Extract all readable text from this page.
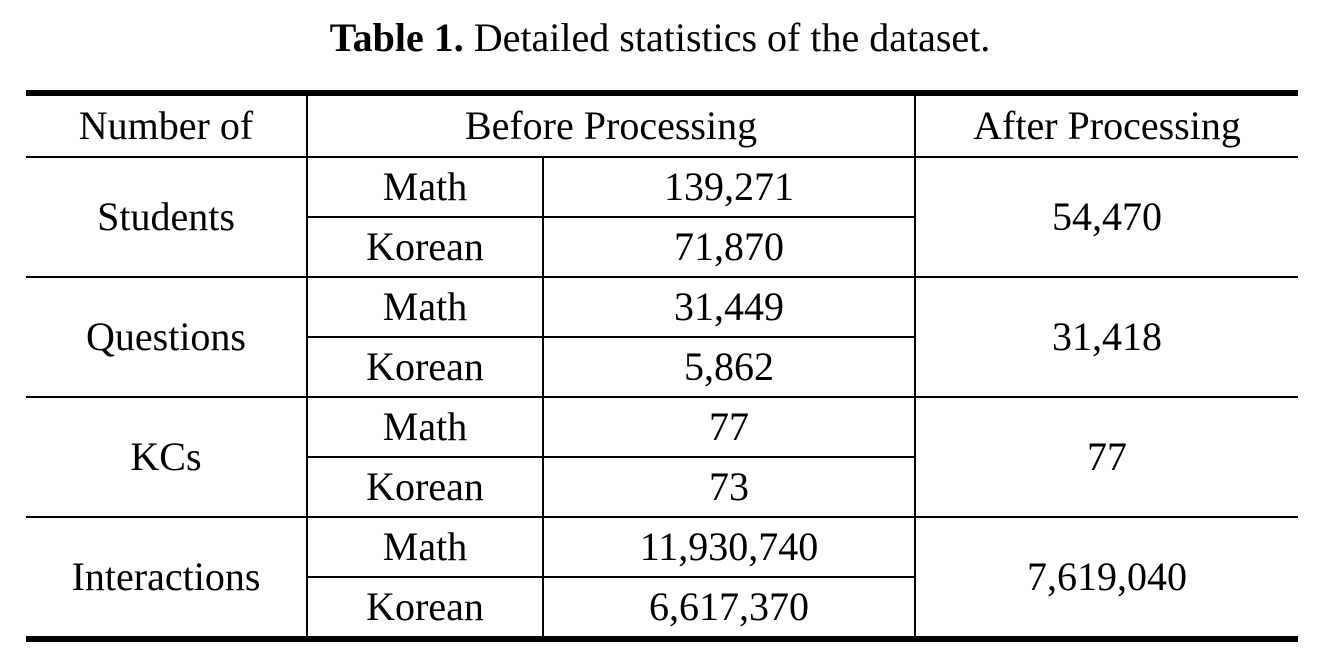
Table 1. Detailed statistics of the dataset.
Number of	Before Processing		After Processing
Students	Math	139,271	54,470
	Korean	71,870	
Questions	Math	31,449	31,418
	Korean	5,862	
KCs	Math	77	77
	Korean	73	
Interactions	Math	11,930,740	7,619,040
	Korean	6,617,370	
